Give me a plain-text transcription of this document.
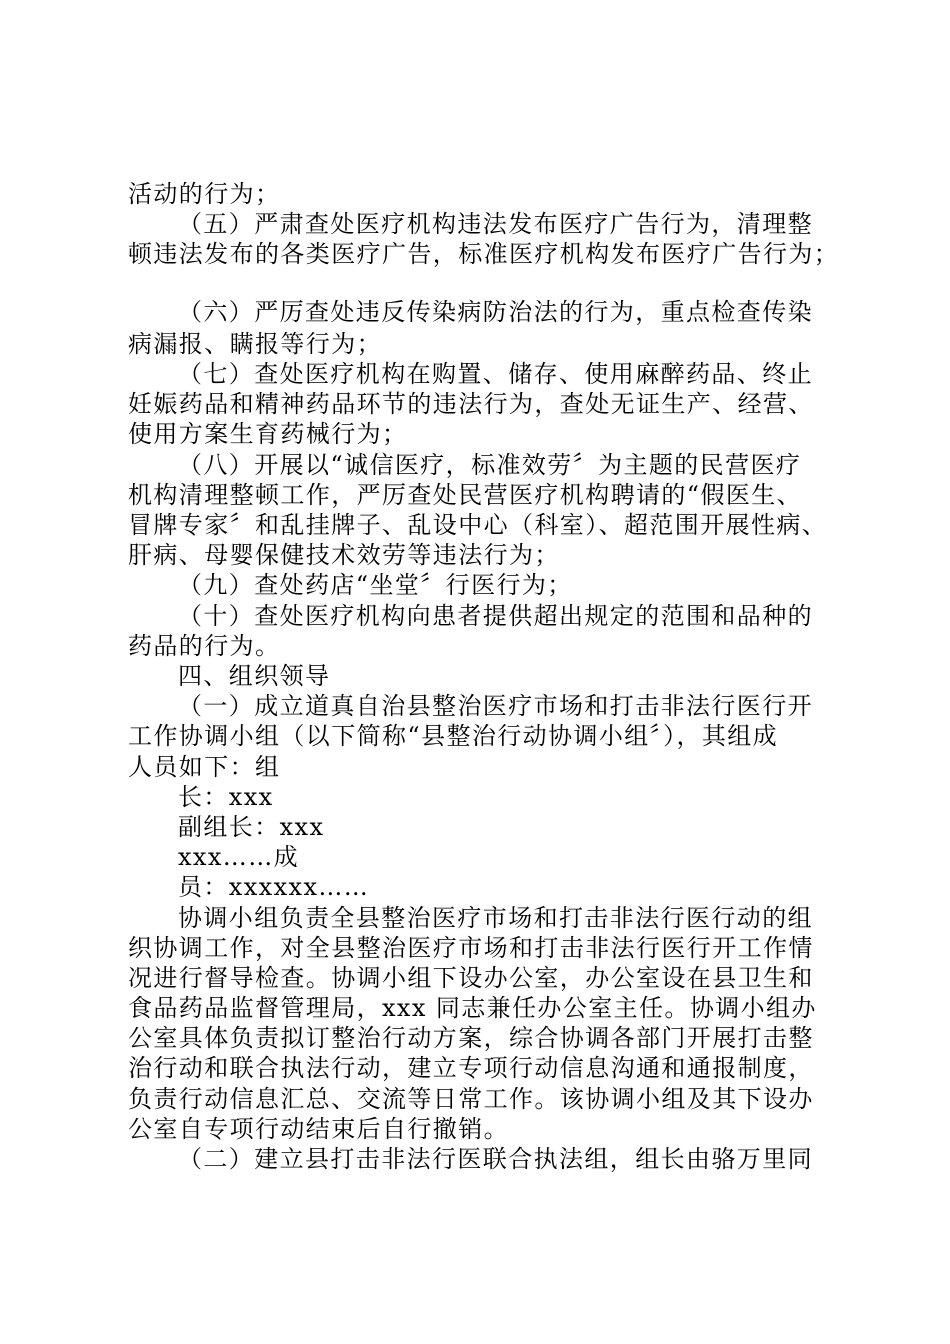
活动的行为；
（五）严肃查处医疗机构违法发布医疗广告行为，清理整
顿违法发布的各类医疗广告，标准医疗机构发布医疗广告行为；
（六）严厉查处违反传染病防治法的行为，重点检查传染
病漏报、瞒报等行为；
（七）查处医疗机构在购置、储存、使用麻醉药品、终止
妊娠药品和精神药品环节的违法行为，查处无证生产、经营、
使用方案生育药械行为；
（八）开展以“诚信医疗，标准效劳〞为主题的民营医疗
机构清理整顿工作，严厉查处民营医疗机构聘请的“假医生、
冒牌专家〞和乱挂牌子、乱设中心（科室）、超范围开展性病、
肝病、母婴保健技术效劳等违法行为；
（九）查处药店“坐堂〞行医行为；
（十）查处医疗机构向患者提供超出规定的范围和品种的
药品的行为。
四、组织领导
（一）成立道真自治县整治医疗市场和打击非法行医行开
工作协调小组（以下简称“县整治行动协调小组〞），其组成
人员如下：组
长：xxx
副组长：xxx
xxx……成
员：xxxxxx……
协调小组负责全县整治医疗市场和打击非法行医行动的组
织协调工作，对全县整治医疗市场和打击非法行医行开工作情
况进行督导检查。协调小组下设办公室，办公室设在县卫生和
食品药品监督管理局，xxx 同志兼任办公室主任。协调小组办
公室具体负责拟订整治行动方案，综合协调各部门开展打击整
治行动和联合执法行动，建立专项行动信息沟通和通报制度，
负责行动信息汇总、交流等日常工作。该协调小组及其下设办
公室自专项行动结束后自行撤销。
（二）建立县打击非法行医联合执法组，组长由骆万里同
